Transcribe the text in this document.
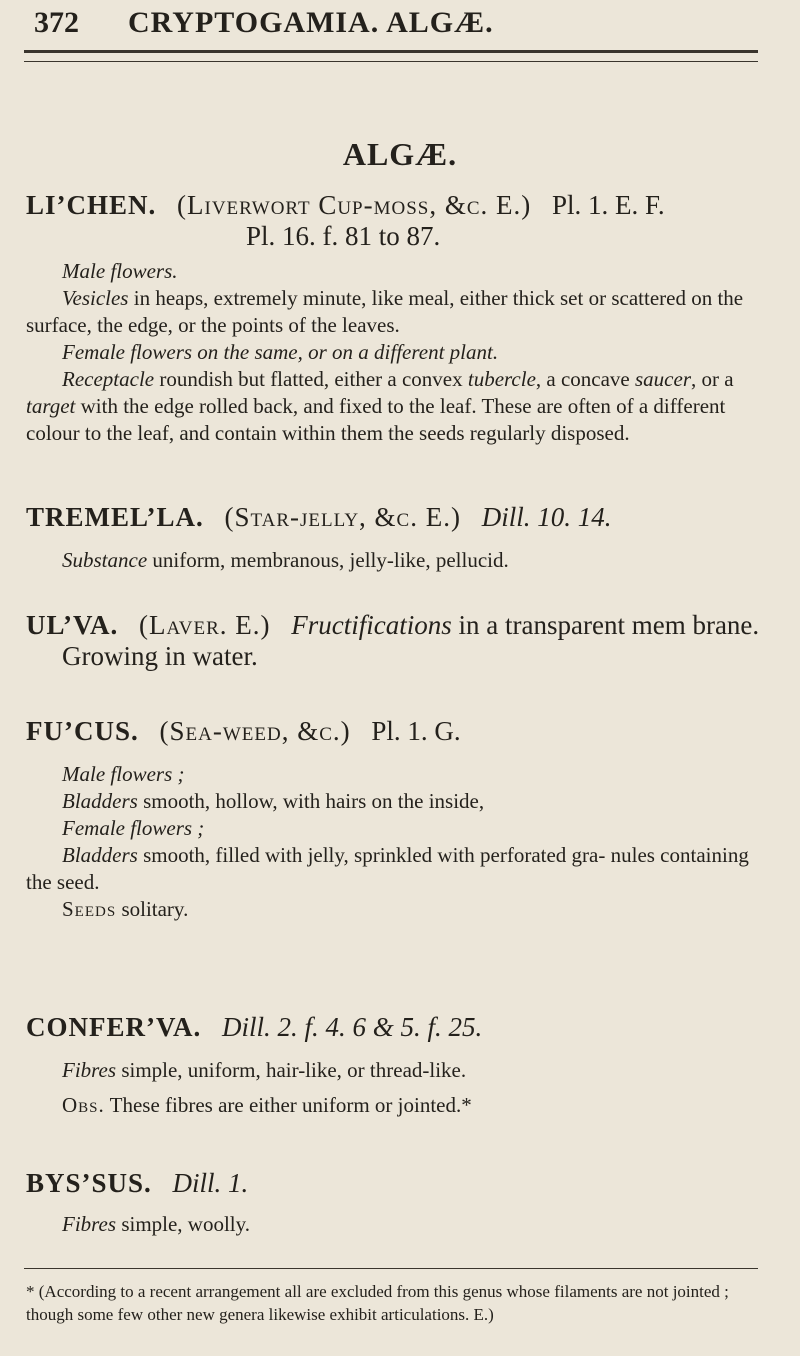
372 CRYPTOGAMIA. ALGÆ.
ALGÆ.
LI’CHEN. (Liverwort Cup-moss, &c. E.) Pl. 1. E. F.
Pl. 16. f. 81 to 87.
Male flowers.
Vesicles in heaps, extremely minute, like meal, either thick set or scattered on the surface, the edge, or the points of the leaves.
Female flowers on the same, or on a different plant.
Receptacle roundish but flatted, either a convex tubercle, a concave saucer, or a target with the edge rolled back, and fixed to the leaf. These are often of a different colour to the leaf, and contain within them the seeds regularly disposed.
TREMEL’LA. (Star-jelly, &c. E.) Dill. 10. 14.
Substance uniform, membranous, jelly-like, pellucid.
UL’VA. (Laver. E.) Fructifications in a transparent mem brane. Growing in water.
FU’CUS. (Sea-weed, &c.) Pl. 1. G.
Male flowers ;
Bladders smooth, hollow, with hairs on the inside,
Female flowers ;
Bladders smooth, filled with jelly, sprinkled with perforated gra- nules containing the seed.
Seeds solitary.
CONFER’VA. Dill. 2. f. 4. 6 & 5. f. 25.
Fibres simple, uniform, hair-like, or thread-like.
Obs. These fibres are either uniform or jointed.*
BYS’SUS. Dill. 1.
Fibres simple, woolly.
* (According to a recent arrangement all are excluded from this genus whose filaments are not jointed ; though some few other new genera likewise exhibit articulations. E.)
